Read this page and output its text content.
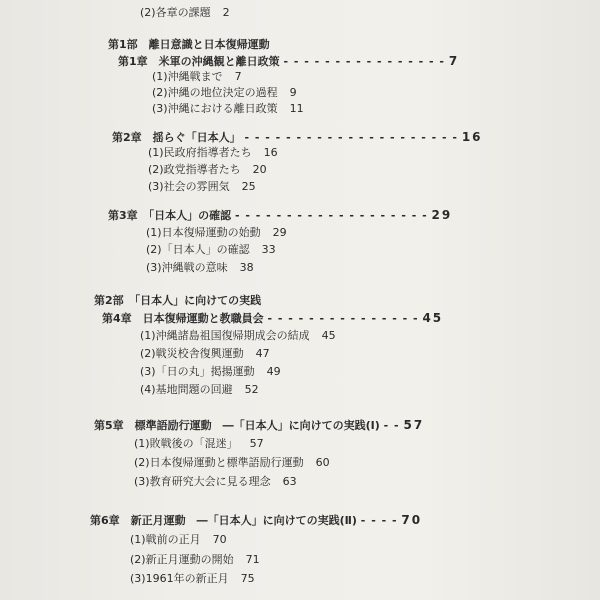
(2)各章の課題 2
第1部　離日意識と日本復帰運動
第1章　米軍の沖縄観と離日政策 - - - - - - - - - - - - - - - - 7
(1)沖縄戦まで 7
(2)沖縄の地位決定の過程 9
(3)沖縄における離日政策 11
第2章　揺らぐ「日本人」 - - - - - - - - - - - - - - - - - - - - - 16
(1)民政府指導者たち 16
(2)政党指導者たち 20
(3)社会の雰囲気 25
第3章　「日本人」の確認 - - - - - - - - - - - - - - - - - - - 29
(1)日本復帰運動の始動 29
(2)「日本人」の確認 33
(3)沖縄戦の意味 38
第2部　「日本人」に向けての実践
第4章　日本復帰運動と教職員会 - - - - - - - - - - - - - - - 45
(1)沖縄諸島祖国復帰期成会の結成 45
(2)戦災校舎復興運動 47
(3)「日の丸」掲揚運動 49
(4)基地問題の回避 52
第5章　標準語励行運動　―「日本人」に向けての実践(Ⅰ) - - 57
(1)敗戦後の「混迷」 57
(2)日本復帰運動と標準語励行運動 60
(3)教育研究大会に見る理念 63
第6章　新正月運動　―「日本人」に向けての実践(Ⅱ) - - - - 70
(1)戦前の正月 70
(2)新正月運動の開始 71
(3)1961年の新正月 75
